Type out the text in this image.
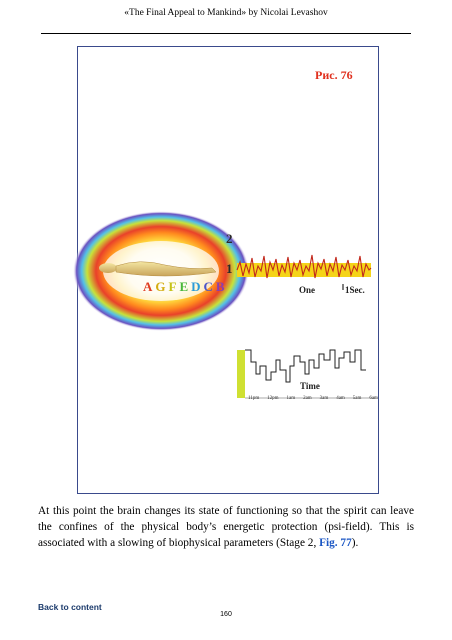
«The Final Appeal to Mankind» by Nicolai Levashov
Рис. 76
2
1
A G F E D C B	One	1Sec.
Time
11pm 12pm 1am 2am 3am 4am 5am 6am
At this point the brain changes its state of functioning so that the spirit can leave the confines of the physical body’s energetic protection (psi-field). This is associated with a slowing of biophysical parameters (Stage 2, Fig. 77).
Back to content
160
